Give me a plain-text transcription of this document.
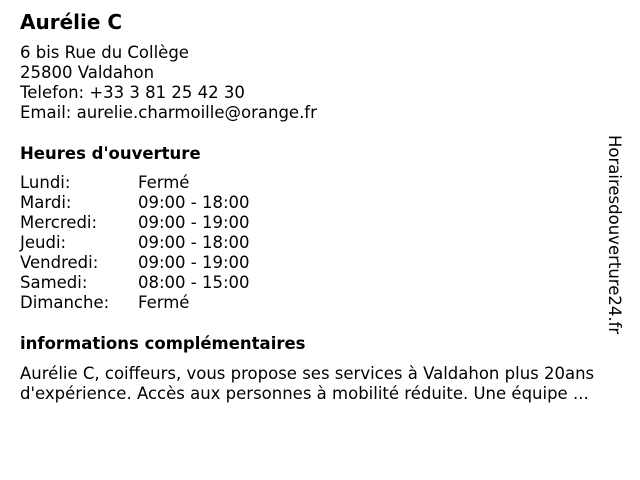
Aurélie C
6 bis Rue du Collège
25800 Valdahon
Telefon: +33 3 81 25 42 30
Email: aurelie.charmoille@orange.fr
Heures d'ouverture
Lundi:	Fermé
Mardi:	09:00 - 18:00
Mercredi: 09:00 - 19:00
Jeudi:	09:00 - 18:00
Vendredi: 09:00 - 19:00
Samedi:	08:00 - 15:00
Dimanche: Fermé
informations complémentaires
Aurélie C, coiffeurs, vous propose ses services à Valdahon plus 20ans
d'expérience. Accès aux personnes à mobilité réduite. Une équipe ...
Horairesdouverture24.fr
